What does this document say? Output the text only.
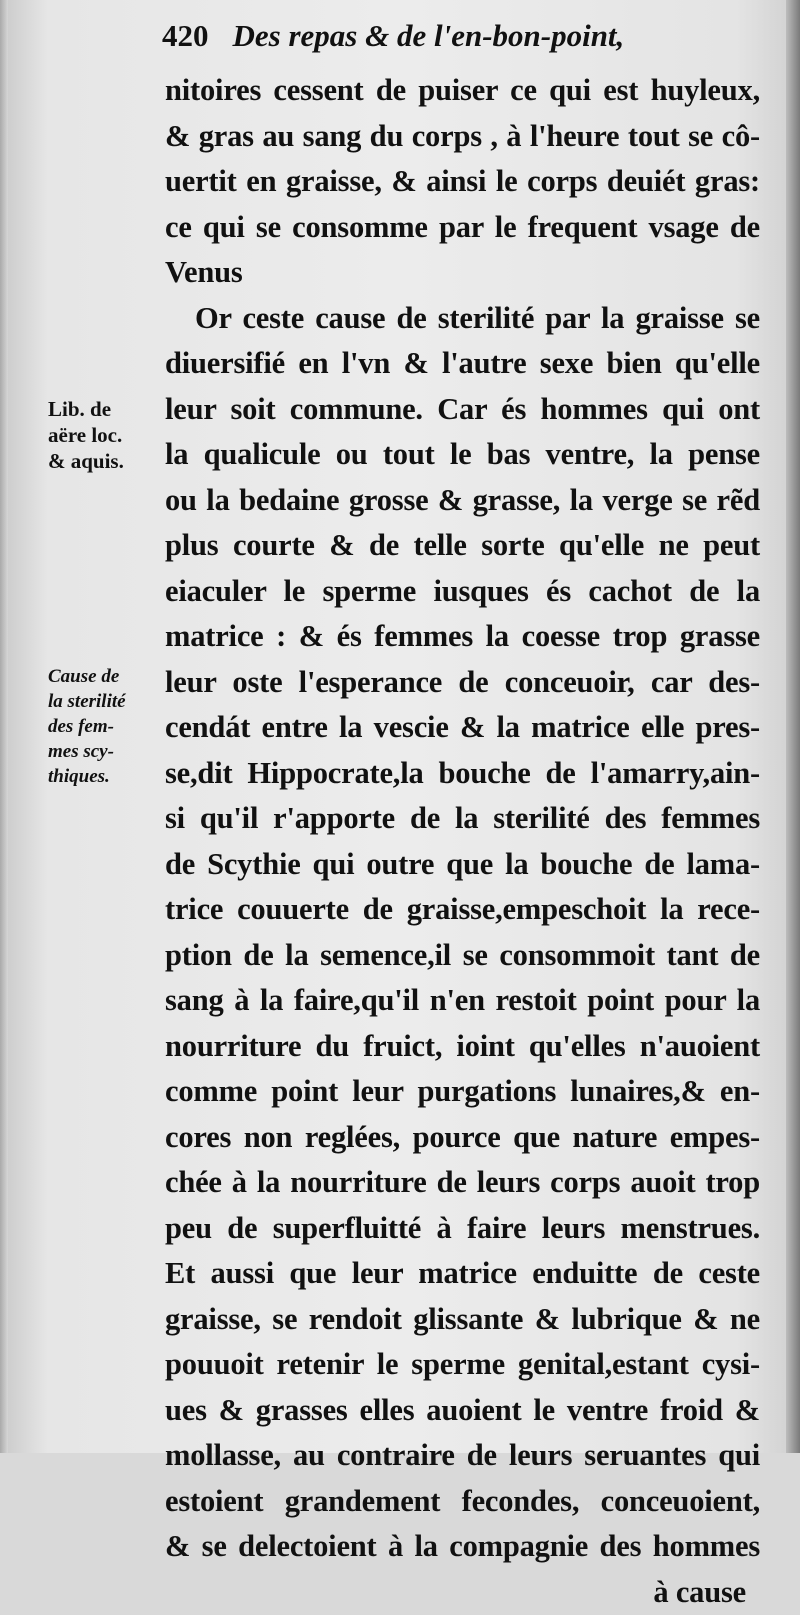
420 Des repas & de l'en-bon-point,
nitoires cessent de puiser ce qui est huyleux,
& gras au sang du corps , à l'heure tout se cô-
uertit en graisse, & ainsi le corps deuiét gras:
ce qui se consomme par le frequent vsage de
Venus
Or ceste cause de sterilité par la graisse se
diuersifié en l'vn & l'autre sexe bien qu'elle
leur soit commune. Car és hommes qui ont
la qualicule ou tout le bas ventre, la pense
ou la bedaine grosse & grasse, la verge se rẽd
plus courte & de telle sorte qu'elle ne peut
eiaculer le sperme iusques és cachot de la
matrice : & és femmes la coesse trop grasse
leur oste l'esperance de conceuoir, car des-
cendát entre la vescie & la matrice elle pres-
se,dit Hippocrate,la bouche de l'amarry,ain-
si qu'il r'apporte de la sterilité des femmes
de Scythie qui outre que la bouche de lama-
trice couuerte de graisse,empeschoit la rece-
ption de la semence,il se consommoit tant de
sang à la faire,qu'il n'en restoit point pour la
nourriture du fruict, ioint qu'elles n'auoient
comme point leur purgations lunaires,& en-
cores non reglées, pource que nature empes-
chée à la nourriture de leurs corps auoit trop
peu de superfluitté à faire leurs menstrues.
Et aussi que leur matrice enduitte de ceste
graisse, se rendoit glissante & lubrique & ne
pouuoit retenir le sperme genital,estant cysi-
ues & grasses elles auoient le ventre froid &
mollasse, au contraire de leurs seruantes qui
estoient grandement fecondes, conceuoient,
& se delectoient à la compagnie des hommes
à cause
Lib. de
aëre loc.
& aquis.
Cause de
la sterilité
des fem-
mes scy-
thiques.
